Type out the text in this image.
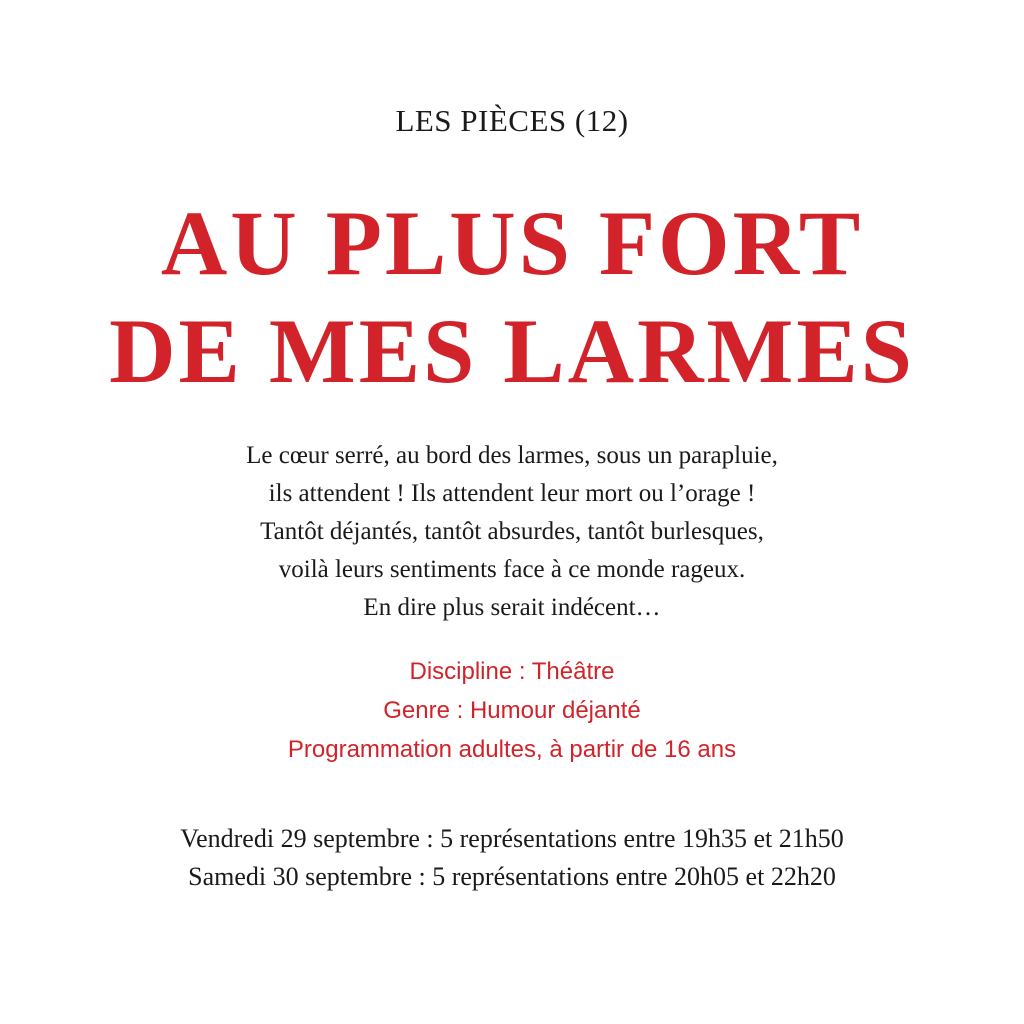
LES PIÈCES (12)
AU PLUS FORT
DE MES LARMES
Le cœur serré, au bord des larmes, sous un parapluie,
ils attendent ! Ils attendent leur mort ou l’orage !
Tantôt déjantés, tantôt absurdes, tantôt burlesques,
voilà leurs sentiments face à ce monde rageux.
En dire plus serait indécent…
Discipline : Théâtre
Genre : Humour déjanté
Programmation adultes, à partir de 16 ans
Vendredi 29 septembre : 5 représentations entre 19h35 et 21h50
Samedi 30 septembre : 5 représentations entre 20h05 et 22h20
